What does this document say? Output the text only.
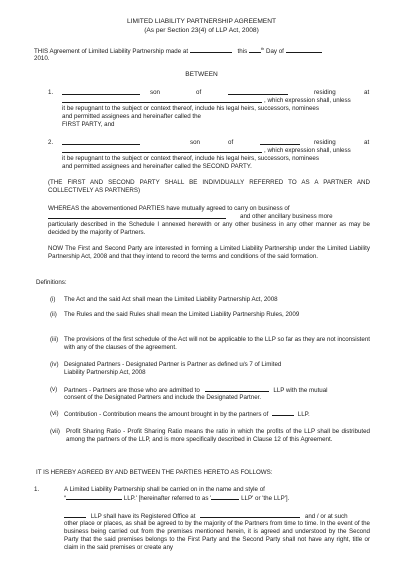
LIMITED LIABILITY PARTNERSHIP AGREEMENT
(As per Section 23(4) of LLP Act, 2008)
THIS Agreement of Limited Liability Partnership made at	this	$^{th}$ Day of
2010.
BETWEEN
1.	son	of	residing	at
, which expression shall, unless
it be repugnant to the subject or context thereof, include his legal heirs, successors, nominees
and permitted assignees and hereinafter called the
FIRST PARTY, and
2.	son	of	residing	at
, which expression shall, unless
it be repugnant to the subject or context thereof, include his legal heirs, successors, nominees
and permitted assignees and hereinafter called the SECOND PARTY.
(THE FIRST AND SECOND PARTY SHALL BE INDIVIDUALLY REFERRED TO AS A PARTNER AND COLLECTIVELY AS PARTNERS)
WHEREAS the abovementioned PARTIES have mutually agreed to carry on business of
and other ancillary business more
particularly described in the Schedule I annexed herewith or any other business in any other manner as may be decided by the majority of Partners.
NOW The First and Second Party are interested in forming a Limited Liability Partnership under the Limited Liability Partnership Act, 2008 and that they intend to record the terms and conditions of the said formation.
Definitions:
(i) The Act and the said Act shall mean the Limited Liability Partnership Act, 2008
(ii) The Rules and the said Rules shall mean the Limited Liability Partnership Rules, 2009
(iii) The provisions of the first schedule of the Act will not be applicable to the LLP so far as they are not inconsistent with any of the clauses of the agreement.
(iv) Designated Partners - Designated Partner is Partner as defined u/s 7 of Limited Liability Partnership Act, 2008
(v) Partners - Partners are those who are admitted to	LLP with the mutual
consent of the Designated Partners and include the Designated Partner.
(vi) Contribution - Contribution means the amount brought in by the partners of	LLP.
(vii) Profit Sharing Ratio - Profit Sharing Ratio means the ratio in which the profits of the LLP shall be distributed among the partners of the LLP, and is more specifically described in Clause 12 of this Agreement.
IT IS HEREBY AGREED BY AND BETWEEN THE PARTIES HERETO AS FOLLOWS:
1.	A Limited Liability Partnership shall be carried on in the name and style of
“	LLP.' [hereinafter referred to as '	LLP' or 'the LLP'].
LLP shall have its Registered Office at	and / or at such
other place or places, as shall be agreed to by the majority of the Partners from time to time. In the event of the business being carried out from the premises mentioned herein, it is agreed and understood by the Second Party that the said premises belongs to the First Party and the Second Party shall not have any right, title or claim in the said premises or create any
